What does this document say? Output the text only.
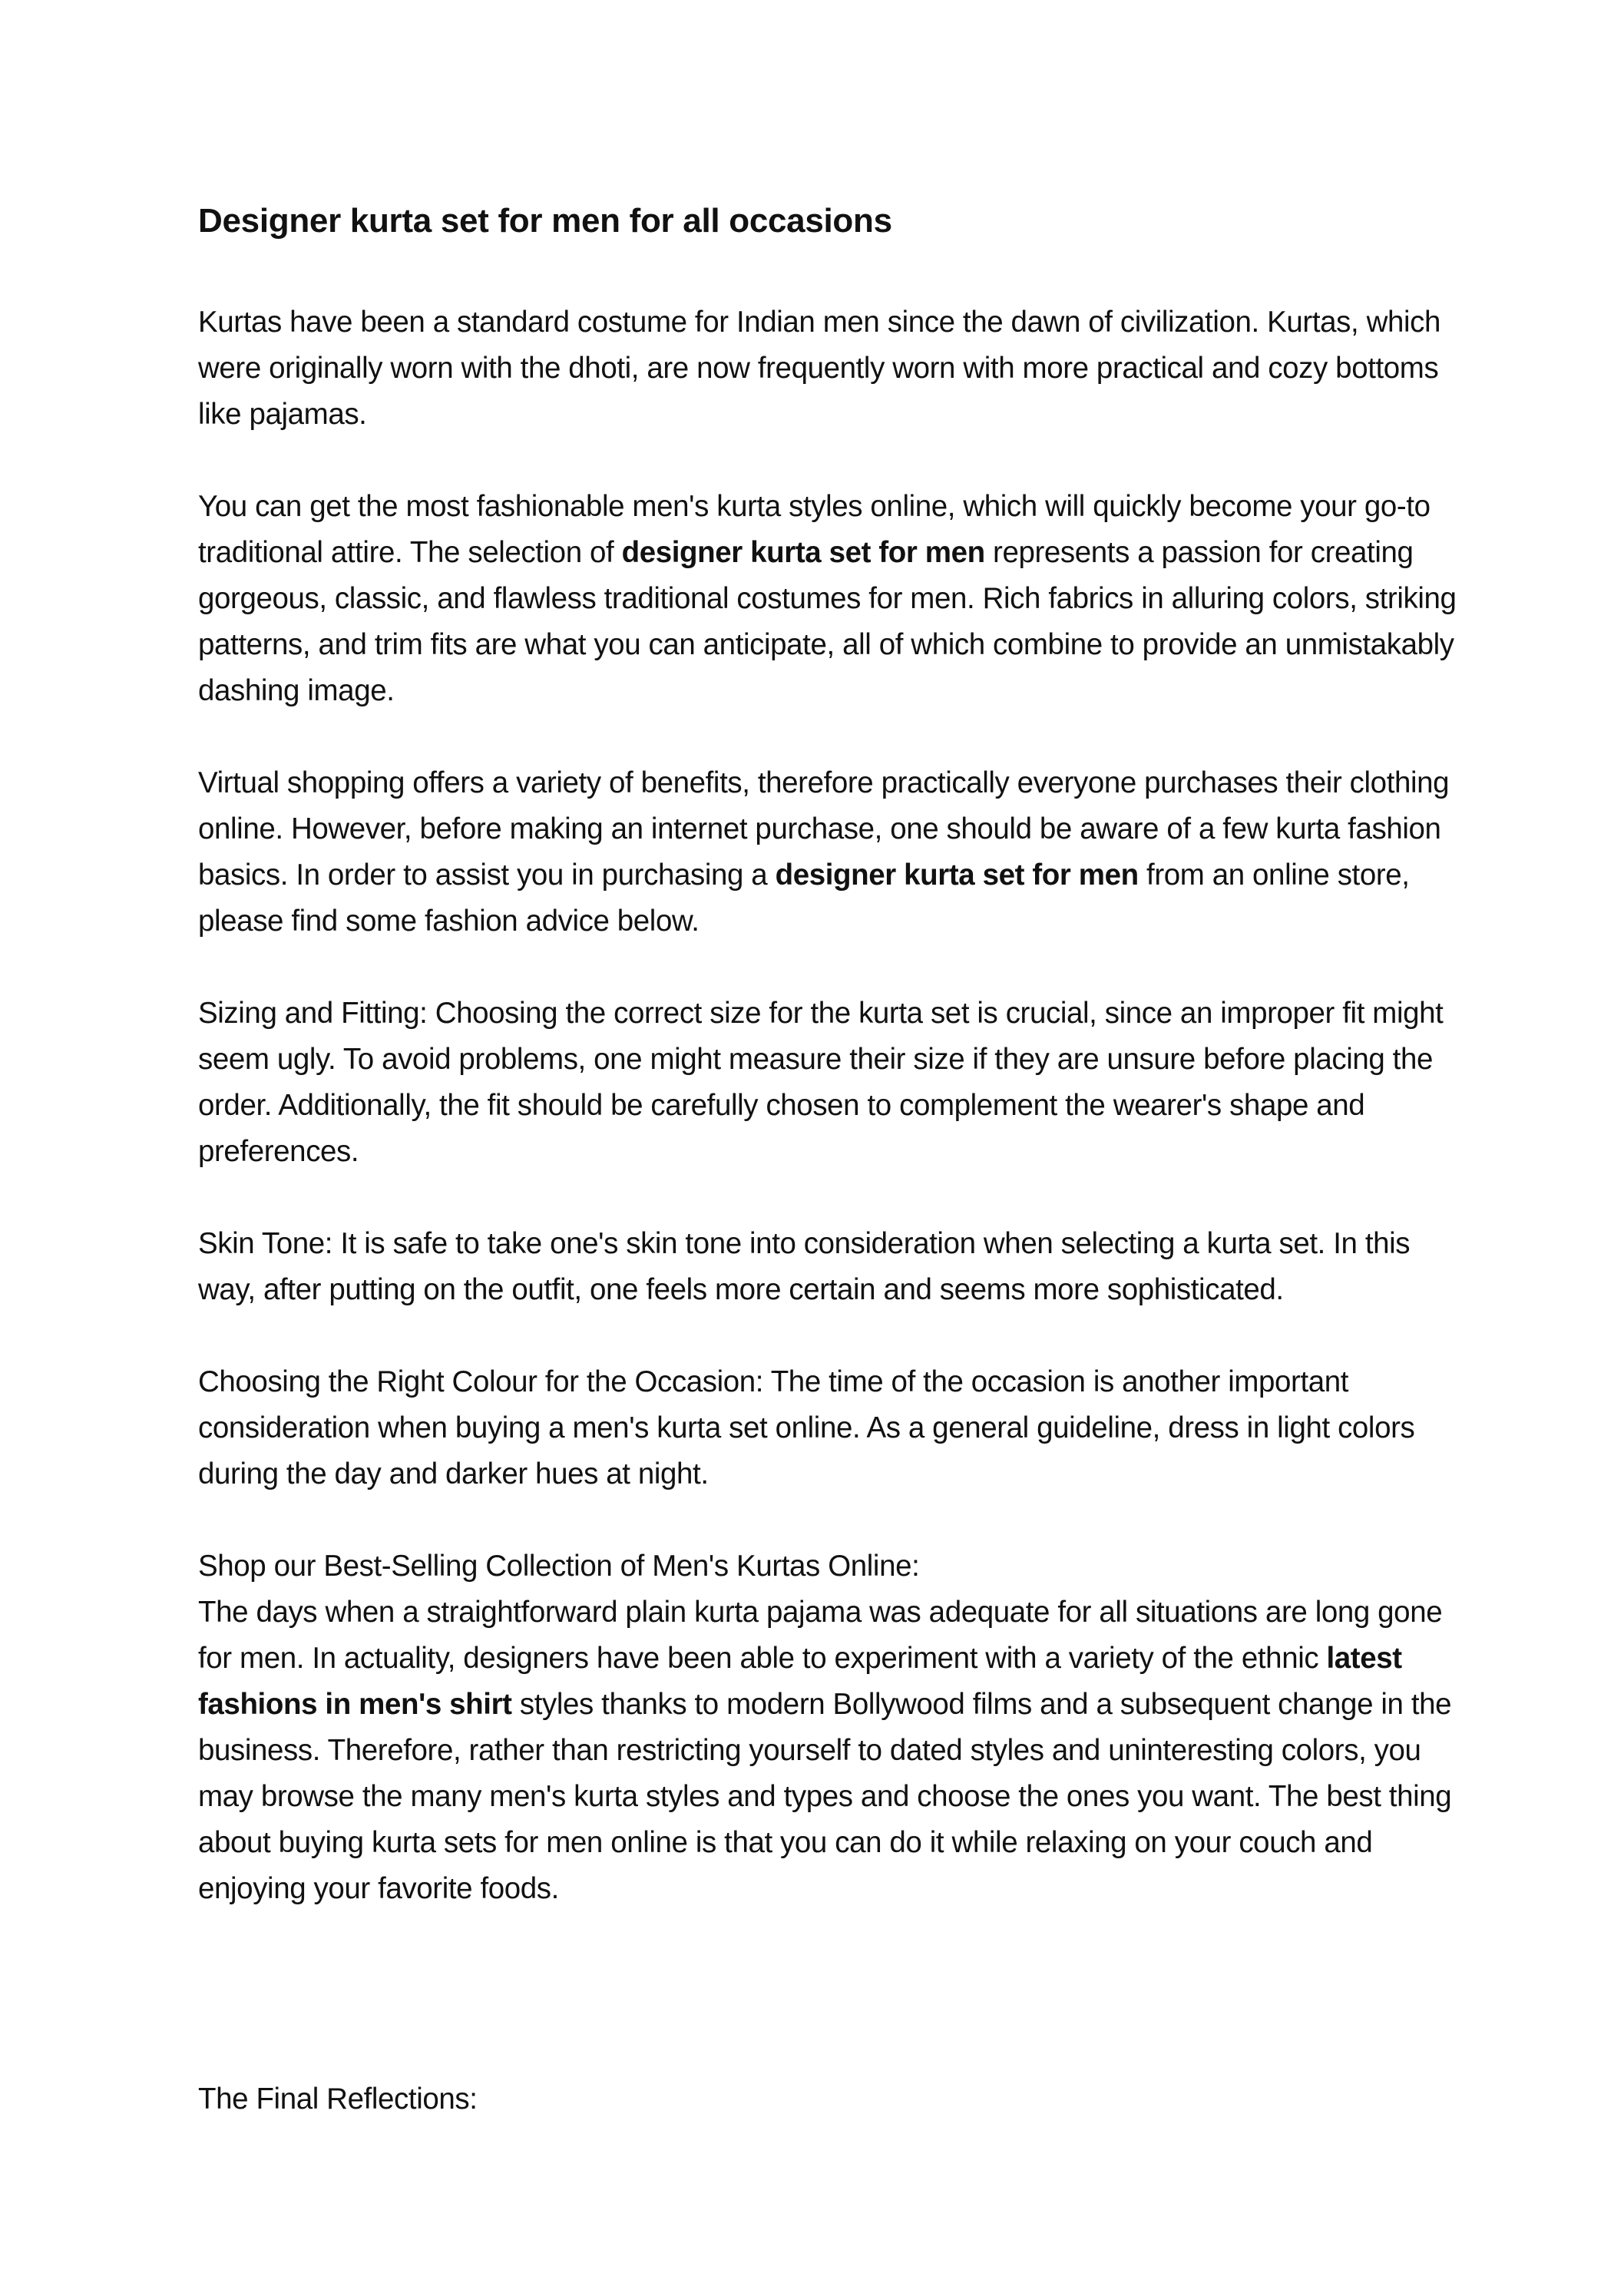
Designer kurta set for men for all occasions

Kurtas have been a standard costume for Indian men since the dawn of civilization. Kurtas, which were originally worn with the dhoti, are now frequently worn with more practical and cozy bottoms like pajamas.

You can get the most fashionable men's kurta styles online, which will quickly become your go-to traditional attire. The selection of designer kurta set for men represents a passion for creating gorgeous, classic, and flawless traditional costumes for men. Rich fabrics in alluring colors, striking patterns, and trim fits are what you can anticipate, all of which combine to provide an unmistakably dashing image.

Virtual shopping offers a variety of benefits, therefore practically everyone purchases their clothing online. However, before making an internet purchase, one should be aware of a few kurta fashion basics. In order to assist you in purchasing a designer kurta set for men from an online store, please find some fashion advice below.

Sizing and Fitting: Choosing the correct size for the kurta set is crucial, since an improper fit might seem ugly. To avoid problems, one might measure their size if they are unsure before placing the order. Additionally, the fit should be carefully chosen to complement the wearer's shape and preferences.

Skin Tone: It is safe to take one's skin tone into consideration when selecting a kurta set. In this way, after putting on the outfit, one feels more certain and seems more sophisticated.

Choosing the Right Colour for the Occasion: The time of the occasion is another important consideration when buying a men's kurta set online. As a general guideline, dress in light colors during the day and darker hues at night.

Shop our Best-Selling Collection of Men's Kurtas Online:

The days when a straightforward plain kurta pajama was adequate for all situations are long gone for men. In actuality, designers have been able to experiment with a variety of the ethnic latest fashions in men's shirt styles thanks to modern Bollywood films and a subsequent change in the business. Therefore, rather than restricting yourself to dated styles and uninteresting colors, you may browse the many men's kurta styles and types and choose the ones you want. The best thing about buying kurta sets for men online is that you can do it while relaxing on your couch and enjoying your favorite foods.

The Final Reflections:
